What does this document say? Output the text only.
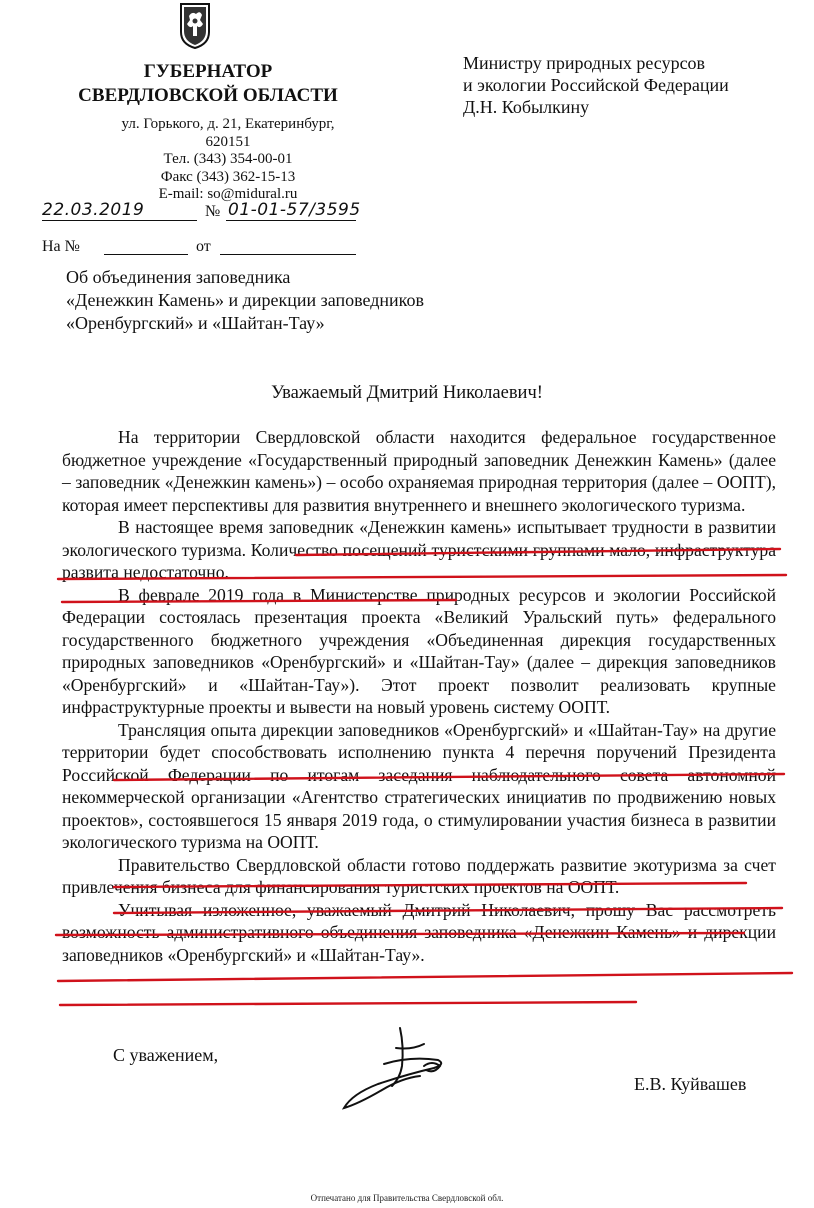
ГУБЕРНАТОР
СВЕРДЛОВСКОЙ ОБЛАСТИ
ул. Горького, д. 21, Екатеринбург, 620151
Тел. (343) 354-00-01
Факс (343) 362-15-13
E-mail: so@midural.ru
Министру природных ресурсов
и экологии Российской Федерации
Д.Н. Кобылкину
22.03.2019	№ 01-01-57/3595
На №	от
Об объединения заповедника
«Денежкин Камень» и дирекции заповедников
«Оренбургский» и «Шайтан-Тау»
Уважаемый Дмитрий Николаевич!

На территории Свердловской области находится федеральное государственное бюджетное учреждение «Государственный природный заповедник Денежкин Камень» (далее – заповедник «Денежкин камень») – особо охраняемая природная территория (далее – ООПТ), которая имеет перспективы для развития внутреннего и внешнего экологического туризма.

В настоящее время заповедник «Денежкин камень» испытывает трудности в развитии экологического туризма. Количество посещений туристскими группами мало, инфраструктура развита недостаточно.

В феврале 2019 года в Министерстве природных ресурсов и экологии Российской Федерации состоялась презентация проекта «Великий Уральский путь» федерального государственного бюджетного учреждения «Объединенная дирекция государственных природных заповедников «Оренбургский» и «Шайтан-Тау» (далее – дирекция заповедников «Оренбургский» и «Шайтан-Тау»). Этот проект позволит реализовать крупные инфраструктурные проекты и вывести на новый уровень систему ООПТ.

Трансляция опыта дирекции заповедников «Оренбургский» и «Шайтан-Тау» на другие территории будет способствовать исполнению пункта 4 перечня поручений Президента Российской Федерации по итогам заседания наблюдательного совета автономной некоммерческой организации «Агентство стратегических инициатив по продвижению новых проектов», состоявшегося 15 января 2019 года, о стимулировании участия бизнеса в развитии экологического туризма на ООПТ.

Правительство Свердловской области готово поддержать развитие экотуризма за счет привлечения бизнеса для финансирования туристских проектов на ООПТ.

Учитывая изложенное, уважаемый Дмитрий Николаевич, прошу Вас рассмотреть возможность административного объединения заповедника «Денежкин Камень» и дирекции заповедников «Оренбургский» и «Шайтан-Тау».

С уважением,
Е.В. Куйвашев
Отпечатано для Правительства Свердловской обл.
